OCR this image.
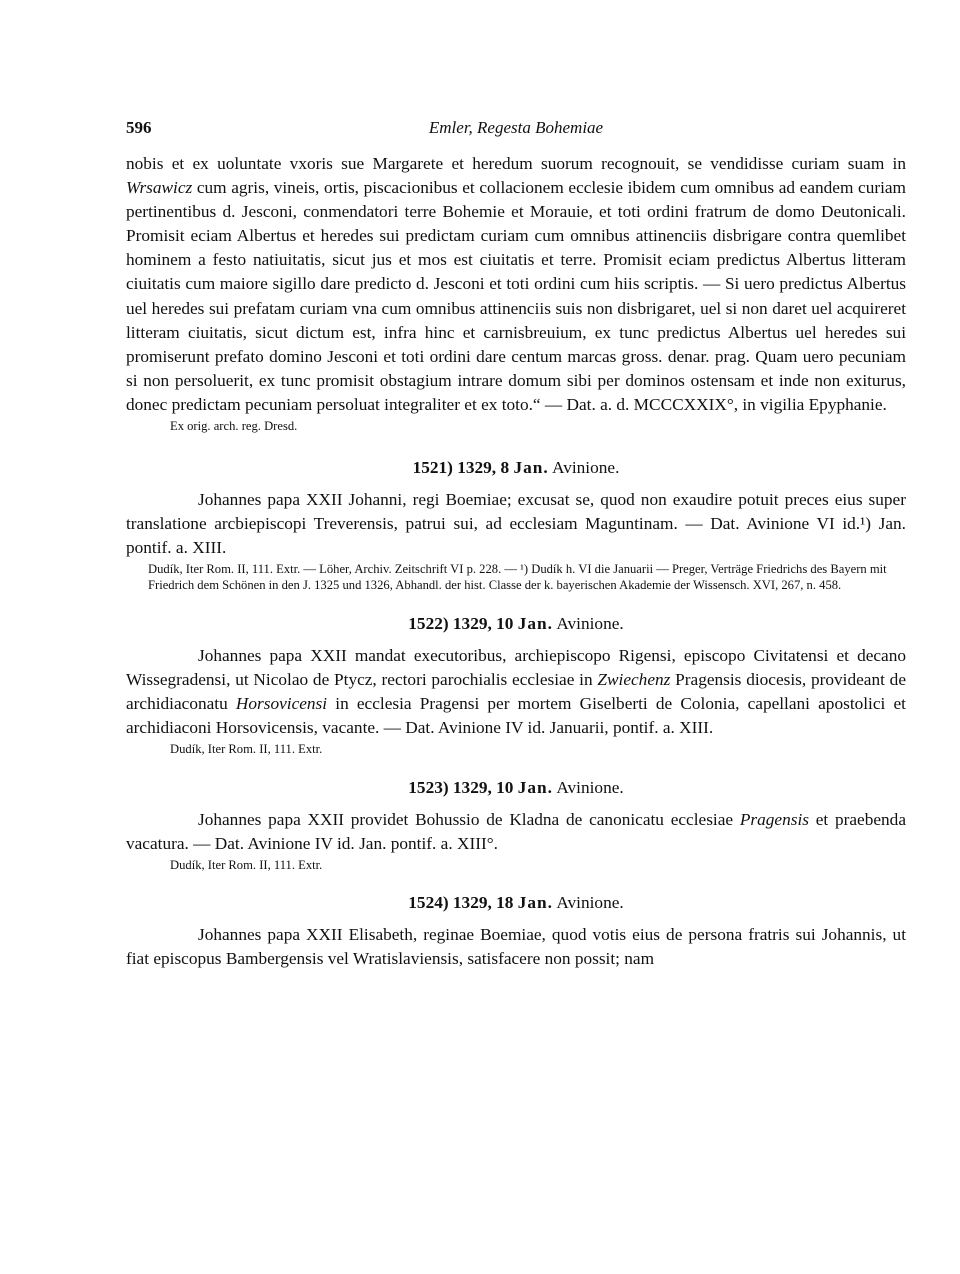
596	Emler, Regesta Bohemiae

nobis et ex uoluntate vxoris sue Margarete et heredum suorum recognouit, se vendidisse curiam suam in Wrsawicz cum agris, vineis, ortis, piscacionibus et collacionem ecclesie ibidem cum omnibus ad eandem curiam pertinentibus d. Jesconi, conmendatori terre Bohemie et Morauie, et toti ordini fratrum de domo Deutonicali. Promisit eciam Albertus et heredes sui predictam curiam cum omnibus attinenciis disbrigare contra quemlibet hominem a festo natiuitatis, sicut jus et mos est ciuitatis et terre. Promisit eciam predictus Albertus litteram ciuitatis cum maiore sigillo dare predicto d. Jesconi et toti ordini cum hiis scriptis. — Si uero predictus Albertus uel heredes sui prefatam curiam vna cum omnibus attinenciis suis non disbrigaret, uel si non daret uel acquireret litteram ciuitatis, sicut dictum est, infra hinc et carnisbreuium, ex tunc predictus Albertus uel heredes sui promiserunt prefato domino Jesconi et toti ordini dare centum marcas gross. denar. prag. Quam uero pecuniam si non persoluerit, ex tunc promisit obstagium intrare domum sibi per dominos ostensam et inde non exiturus, donec predictam pecuniam persoluat integraliter et ex toto.“ — Dat. a. d. MCCCXXIX°, in vigilia Epyphanie.

Ex orig. arch. reg. Dresd.

1521) 1329, 8 Jan. Avinione.

Johannes papa XXII Johanni, regi Boemiae; excusat se, quod non exaudire potuit preces eius super translatione arcbiepiscopi Treverensis, patrui sui, ad ecclesiam Maguntinam. — Dat. Avinione VI id.¹) Jan. pontif. a. XIII.

Dudík, Iter Rom. II, 111. Extr. — Löher, Archiv. Zeitschrift VI p. 228. — ¹) Dudík h. VI die Januarii — Preger, Verträge Friedrichs des Bayern mit Friedrich dem Schönen in den J. 1325 und 1326, Abhandl. der hist. Classe der k. bayerischen Akademie der Wissensch. XVI, 267, n. 458.

1522) 1329, 10 Jan. Avinione.

Johannes papa XXII mandat executoribus, archiepiscopo Rigensi, episcopo Civitatensi et decano Wissegradensi, ut Nicolao de Ptycz, rectori parochialis ecclesiae in Zwiechenz Pragensis diocesis, provideant de archidiaconatu Horsovicensi in ecclesia Pragensi per mortem Giselberti de Colonia, capellani apostolici et archidiaconi Horsovicensis, vacante. — Dat. Avinione IV id. Januarii, pontif. a. XIII.

Dudík, Iter Rom. II, 111. Extr.

1523) 1329, 10 Jan. Avinione.

Johannes papa XXII providet Bohussio de Kladna de canonicatu ecclesiae Pragensis et praebenda vacatura. — Dat. Avinione IV id. Jan. pontif. a. XIII°.

Dudík, Iter Rom. II, 111. Extr.

1524) 1329, 18 Jan. Avinione.

Johannes papa XXII Elisabeth, reginae Boemiae, quod votis eius de persona fratris sui Johannis, ut fiat episcopus Bambergensis vel Wratislaviensis, satisfacere non possit; nam
